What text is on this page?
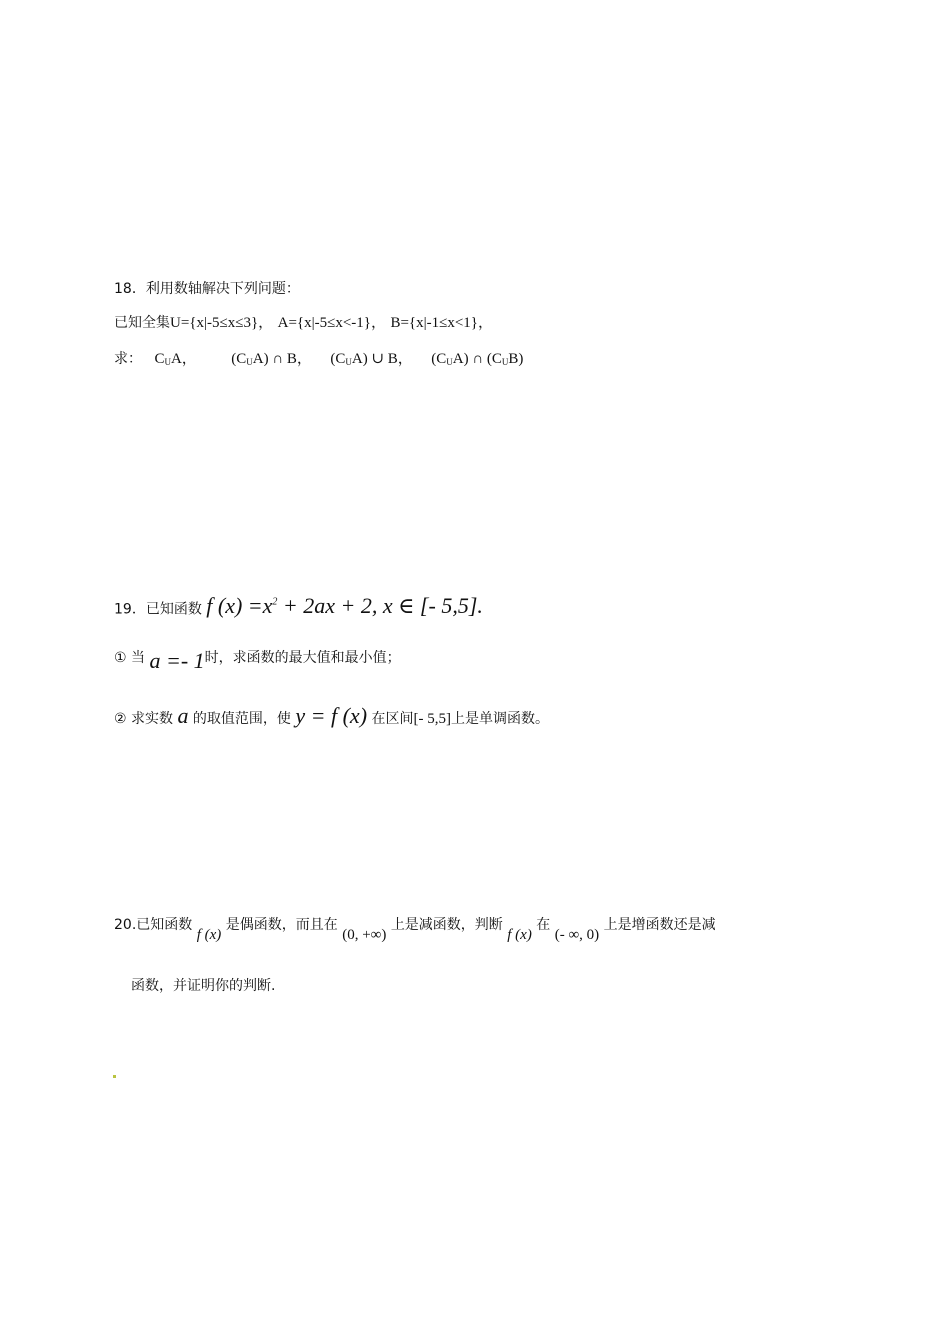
18．利用数轴解决下列问题：
已知全集U={x|-5≤x≤3}， A={x|-5≤x<-1}， B={x|-1≤x<1}，
求： $C_UA$， $(C_UA)$ ∩ B， $(C_UA)$ ∪ B， $(C_UA)$ ∩ $(C_UB)$
19．已知函数 f $(x) =x^2 + 2ax + 2$, x ∈ [- 5,5].
① 当 a =- 1时，求函数的最大值和最小值；
② 求实数 a 的取值范围，使 y = f (x) 在区间[- 5,5]上是单调函数。
20.已知函数 f (x) 是偶函数，而且在 (0, +∞) 上是减函数，判断 f (x) 在 (- ∞, 0) 上是增函数还是减
函数，并证明你的判断.
